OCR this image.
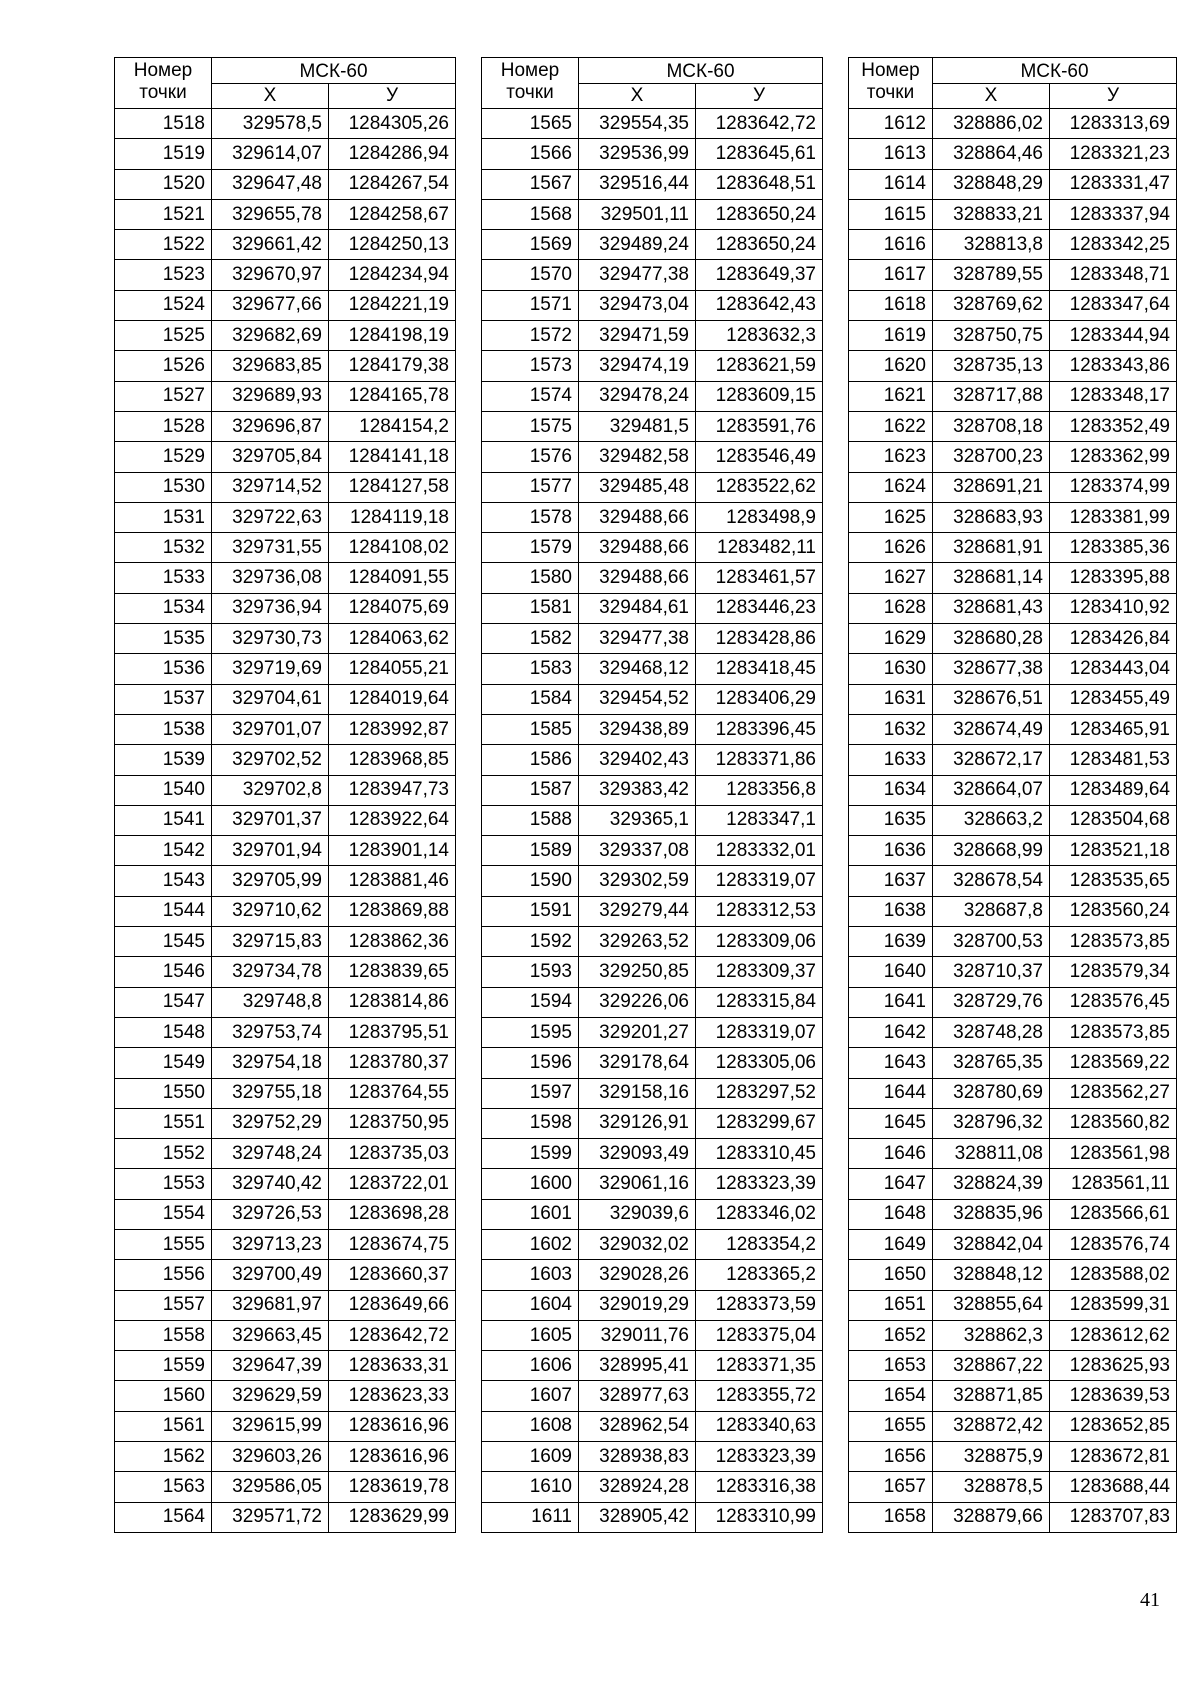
Номер точки	МСК-60	
	Х	У
1518	329578,5	1284305,26
1519	329614,07	1284286,94
1520	329647,48	1284267,54
1521	329655,78	1284258,67
1522	329661,42	1284250,13
1523	329670,97	1284234,94
1524	329677,66	1284221,19
1525	329682,69	1284198,19
1526	329683,85	1284179,38
1527	329689,93	1284165,78
1528	329696,87	1284154,2
1529	329705,84	1284141,18
1530	329714,52	1284127,58
1531	329722,63	1284119,18
1532	329731,55	1284108,02
1533	329736,08	1284091,55
1534	329736,94	1284075,69
1535	329730,73	1284063,62
1536	329719,69	1284055,21
1537	329704,61	1284019,64
1538	329701,07	1283992,87
1539	329702,52	1283968,85
1540	329702,8	1283947,73
1541	329701,37	1283922,64
1542	329701,94	1283901,14
1543	329705,99	1283881,46
1544	329710,62	1283869,88
1545	329715,83	1283862,36
1546	329734,78	1283839,65
1547	329748,8	1283814,86
1548	329753,74	1283795,51
1549	329754,18	1283780,37
1550	329755,18	1283764,55
1551	329752,29	1283750,95
1552	329748,24	1283735,03
1553	329740,42	1283722,01
1554	329726,53	1283698,28
1555	329713,23	1283674,75
1556	329700,49	1283660,37
1557	329681,97	1283649,66
1558	329663,45	1283642,72
1559	329647,39	1283633,31
1560	329629,59	1283623,33
1561	329615,99	1283616,96
1562	329603,26	1283616,96
1563	329586,05	1283619,78
1564	329571,72	1283629,99
Номер точки	МСК-60	
	Х	У
1565	329554,35	1283642,72
1566	329536,99	1283645,61
1567	329516,44	1283648,51
1568	329501,11	1283650,24
1569	329489,24	1283650,24
1570	329477,38	1283649,37
1571	329473,04	1283642,43
1572	329471,59	1283632,3
1573	329474,19	1283621,59
1574	329478,24	1283609,15
1575	329481,5	1283591,76
1576	329482,58	1283546,49
1577	329485,48	1283522,62
1578	329488,66	1283498,9
1579	329488,66	1283482,11
1580	329488,66	1283461,57
1581	329484,61	1283446,23
1582	329477,38	1283428,86
1583	329468,12	1283418,45
1584	329454,52	1283406,29
1585	329438,89	1283396,45
1586	329402,43	1283371,86
1587	329383,42	1283356,8
1588	329365,1	1283347,1
1589	329337,08	1283332,01
1590	329302,59	1283319,07
1591	329279,44	1283312,53
1592	329263,52	1283309,06
1593	329250,85	1283309,37
1594	329226,06	1283315,84
1595	329201,27	1283319,07
1596	329178,64	1283305,06
1597	329158,16	1283297,52
1598	329126,91	1283299,67
1599	329093,49	1283310,45
1600	329061,16	1283323,39
1601	329039,6	1283346,02
1602	329032,02	1283354,2
1603	329028,26	1283365,2
1604	329019,29	1283373,59
1605	329011,76	1283375,04
1606	328995,41	1283371,35
1607	328977,63	1283355,72
1608	328962,54	1283340,63
1609	328938,83	1283323,39
1610	328924,28	1283316,38
1611	328905,42	1283310,99
Номер точки	МСК-60	
	Х	У
1612	328886,02	1283313,69
1613	328864,46	1283321,23
1614	328848,29	1283331,47
1615	328833,21	1283337,94
1616	328813,8	1283342,25
1617	328789,55	1283348,71
1618	328769,62	1283347,64
1619	328750,75	1283344,94
1620	328735,13	1283343,86
1621	328717,88	1283348,17
1622	328708,18	1283352,49
1623	328700,23	1283362,99
1624	328691,21	1283374,99
1625	328683,93	1283381,99
1626	328681,91	1283385,36
1627	328681,14	1283395,88
1628	328681,43	1283410,92
1629	328680,28	1283426,84
1630	328677,38	1283443,04
1631	328676,51	1283455,49
1632	328674,49	1283465,91
1633	328672,17	1283481,53
1634	328664,07	1283489,64
1635	328663,2	1283504,68
1636	328668,99	1283521,18
1637	328678,54	1283535,65
1638	328687,8	1283560,24
1639	328700,53	1283573,85
1640	328710,37	1283579,34
1641	328729,76	1283576,45
1642	328748,28	1283573,85
1643	328765,35	1283569,22
1644	328780,69	1283562,27
1645	328796,32	1283560,82
1646	328811,08	1283561,98
1647	328824,39	1283561,11
1648	328835,96	1283566,61
1649	328842,04	1283576,74
1650	328848,12	1283588,02
1651	328855,64	1283599,31
1652	328862,3	1283612,62
1653	328867,22	1283625,93
1654	328871,85	1283639,53
1655	328872,42	1283652,85
1656	328875,9	1283672,81
1657	328878,5	1283688,44
1658	328879,66	1283707,83
41
